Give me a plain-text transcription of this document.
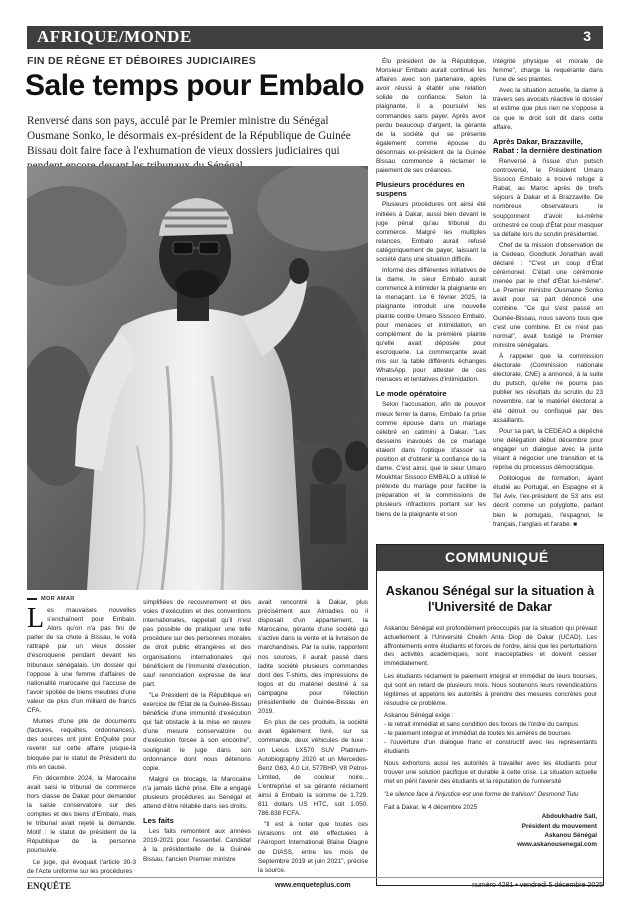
AFRIQUE/MONDE	3
FIN DE RÈGNE ET DÉBOIRES JUDICIAIRES
Sale temps pour Embalo
Renversé dans son pays, acculé par le Premier ministre du Sénégal Ousmane Sonko, le désormais ex-président de la République de Guinée Bissau doit faire face à l'exhumation de vieux dossiers judiciaires qui
MOR AMAR

Les mauvaises nouvelles s'enchaînent pour Embalo. Alors qu'on n'a pas fini de parler de sa chute à Bissau, le voilà rattrapé par un vieux dossier d'escroquerie pendant devant les tribunaux sénégalais. Un dossier qui l'oppose à une femme d'affaires de nationalité marocaine qui l'accuse de l'avoir spoliée de biens meubles d'une valeur de plus d'un milliard de francs CFA.

Munies d'une pile de documents (factures, requêtes, ordonnances), des sources ont joint EnQuête pour revenir sur cette affaire jusque-là bloquée par le statut de Président du mis en cause.

Fin décembre 2024, la Marocaine avait saisi le tribunal de commerce hors classe de Dakar pour demander la saisie conservatoire sur des comptes et des biens d'Embalo, mais le tribunal avait rejeté la demande. Motif : le statut de président de la République de la personne poursuivie.

Le juge, qui évoquait l'article 30-3 de l'Acte uniforme sur les procédures

simplifiées de recouvrement et des voies d'exécution et des conventions internationales, rappelait qu'il n'est pas possible de pratiquer une telle procédure sur des personnes morales de droit public étrangères et des organisations internationales qui bénéficient de l'immunité d'exécution, sauf renonciation expresse de leur part.

"Le Président de la République en exercice de l'Etat de la Guinée-Bissau bénéficie d'une immunité d'exécution qui fait obstacle à la mise en œuvre d'une mesure conservatoire ou d'exécution forcée à son encontre", soulignait le juge dans son ordonnance dont nous détenons copie.

Malgré ce blocage, la Marocaine n'a jamais lâché prise. Elle a engagé plusieurs procédures au Sénégal et attend d'être rétablie dans ses droits.

Les faits

Les faits remontent aux années 2019-2021 pour l'essentiel. Candidat à la présidentielle de la Guinée Bissau, l'ancien Premier ministre

avait rencontré à Dakar, plus précisément aux Almadies où il disposait d'un appartement, la Marocaine, gérante d'une société qui s'active dans la vente et la livraison de marchandises. Par la suite, rapportent nos sources, il aurait passé dans ladite société plusieurs commandes dont des T-shirts, des impressions de logos et du matériel destiné à sa campagne pour l'élection présidentielle de Guinée-Bissau en 2019.

En plus de ces produits, la société avait également livré, sur sa commande, deux véhicules de luxe : un Lexus LX570 SUV Platinum-Autobiography 2020 et un Mercedes-Benz G63, 4.0 Lir, 577BHP, V8 Petrol-Limited, de couleur noire... L'entreprise et sa gérante réclament ainsi à Embalo la somme de 1.729. 811 dollars US HTC, soit 1.050. 786.838 FCFA.

"Il est à noter que toutes ces livraisons ont été effectuées à l'Aéroport International Blaise Diagne de DIASS, entre les mois de Septembre 2019 et juin 2021", précise la source.

Élu président de la République, Monsieur Embalo aurait continué les affaires avec son partenaire, après avoir réussi à établir une relation solide de confiance. Selon la plaignante, il a poursuivi les commandes sans payer. Après avoir perdu beaucoup d'argent, la gérante de la société qui se présente également comme épouse du désormais ex-président de la Guinée Bissau commence à réclamer le paiement de ses créances.

Plusieurs procédures en suspens

Plusieurs procédures ont ainsi été initiées à Dakar, aussi bien devant le juge pénal qu'au tribunal du commerce. Malgré les multiples relances, Embalo aurait refusé catégoriquement de payer, laissant la société dans une situation difficile.

Informé des différentes initiatives de la dame, le sieur Embalo aurait commencé à intimider la plaignante en la menaçant. Le 6 février 2025, la plaignante introduit une nouvelle plainte contre Umaro Sissoco Embalo, pour menaces et intimidation, en complément de la première plainte qu'elle avait déposée pour escroquerie. La commerçante avait mis sur la table différents échanges WhatsApp pour attester de ces menaces et tentatives d'intimidation.

Le mode opératoire

Selon l'accusation, afin de pouvoir mieux ferrer la dame, Embalo l'a prise comme épouse dans un mariage célébré en catimini à Dakar. "Les desseins inavoués de ce mariage étaient dans l'optique d'assoir sa position et d'obtenir la confiance de la dame. C'est ainsi, que le sieur Umaro Moukhtar Sissoco EMBALO a utilisé le prétexte du mariage pour faciliter la préparation et la commissions de plusieurs infractions portant sur les biens de la plaignante et son

intégrité physique et morale de femme", charge la requérante dans l'une de ses plaintes.

Avec la situation actuelle, la dame à travers ses avocats réactive le dossier et estime que plus rien ne s'oppose à ce que le droit soit dit dans cette affaire.

Après Dakar, Brazzaville, Rabat : la dernière destination

Renversé à l'issue d'un putsch controversé, le Président Umaro Sissoco Embalo a trouvé refuge à Rabat, au Maroc après de brefs séjours à Dakar et à Brazzaville. De nombreux observateurs le soupçonnent d'avoir lui-même orchestré ce coup d'État pour masquer sa défaite lors du scrutin présidentiel.

Chef de la mission d'observation de la Cedeao, Goodluck Jonathan avait déclaré : "C'est un coup d'État cérémoniel. C'était une cérémonie menée par le chef d'État lui-même". Le Premier ministre Ousmane Sonko avait pour sa part dénoncé une combine. "Ce qui s'est passé en Guinée-Bissau, nous savons tous que c'est une combine. Et ce n'est pas normal", avait fustigé le Premier ministre sénégalais.

À rappeler que la commission électorale (Commission nationale électorale, CNE) a annoncé, à la suite du putsch, qu'elle ne pourra pas publier les résultats du scrutin du 23 novembre, car le matériel électoral a été détruit ou confisqué par des assaillants.

Pour sa part, la CEDEAO a dépêché une délégation début décembre pour engager un dialogue avec la junte visant à négocier une transition et la reprise du processus démocratique.

Politologue de formation, ayant étudié au Portugal, en Espagne et à Tel Aviv, l'ex-président de 53 ans est décrit comme un polyglotte, parlant bien le portugais, l'espagnol, le français, l'anglais et l'arabe. ■

COMMUNIQUÉ
Askanou Sénégal sur la situation à l'Université de Dakar

Askanou Sénégal est profondément préoccupés par la situation qui prévaut actuellement à l'Université Cheikh Anta Diop de Dakar (UCAD). Les affrontements entre étudiants et forces de l'ordre, ainsi que les perturbations des activités académiques, sont inacceptables et doivent cesser immédiatement.

Les étudiants réclament le paiement intégral et immédiat de leurs bourses, qui sont en retard de plusieurs mois. Nous soutenons leurs revendications légitimes et appelons les autorités à prendre des mesures concrètes pour résoudre ce problème.

Askanou Sénégal exige :
- le retrait immédiat et sans condition des forces de l'ordre du campus
- le paiement intégral et immédiat de toutes les arriérés de bourses

- l'ouverture d'un dialogue franc et constructif avec les représentants étudiants

Nous exhortons aussi les autorités à travailler avec les étudiants pour trouver une solution pacifique et durable à cette crise. La situation actuelle met en péril l'avenir des étudiants et la réputation de l'université

"Le silence face à l'injustice est une forme de trahison" Desmond Tutu

Fait à Dakar, le 4 décembre 2025

Abdoukhadre Sall,
Président du mouvement
Askanou Sénégal
www.askanousenegal.com
ENQUÊTE	www.enqueteplus.com	numéro 4281 • vendredi 5 décembre 2025
